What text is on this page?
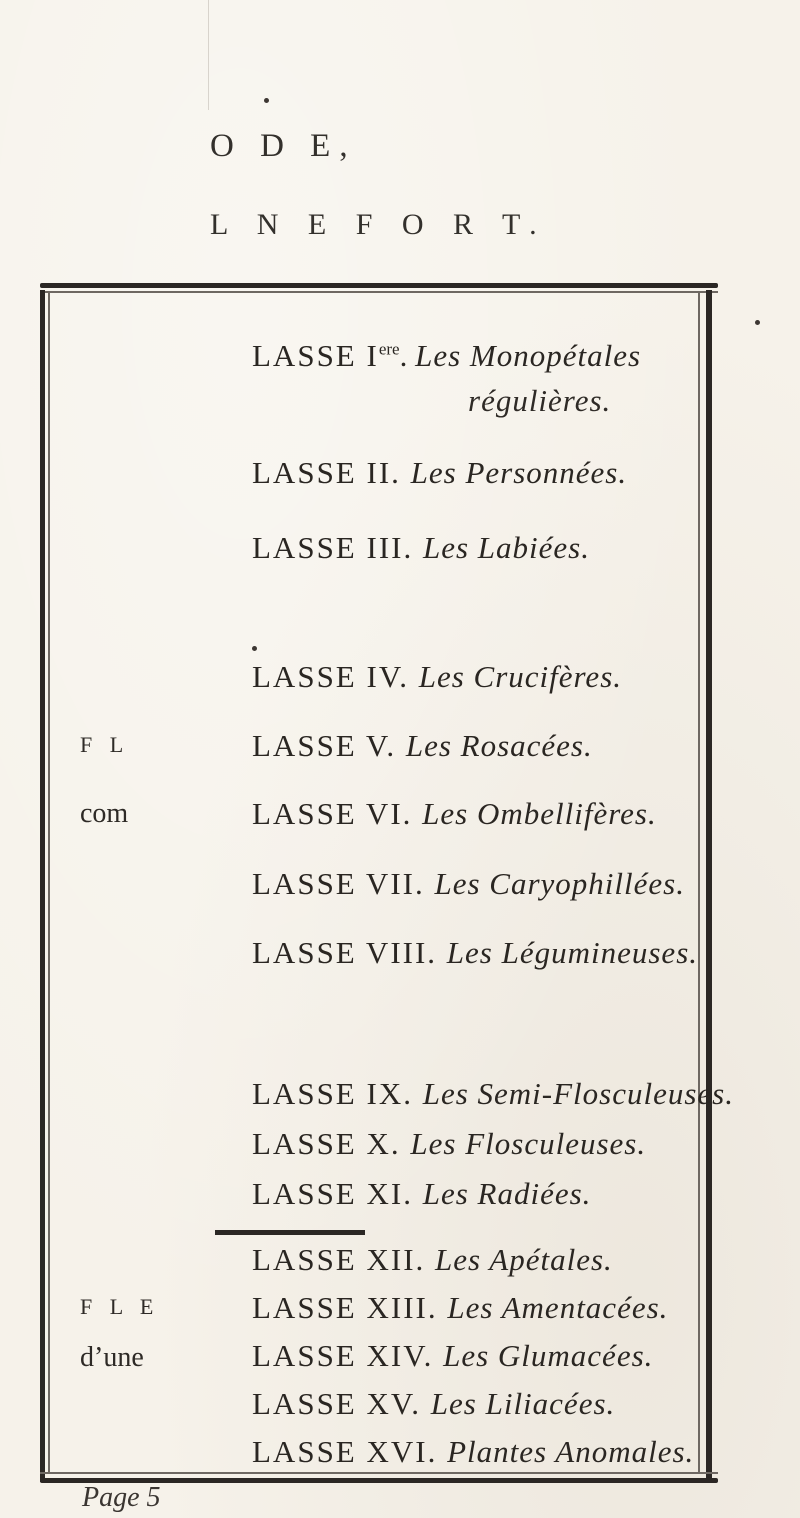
O D E,
L N E F O R T.
LASSE Iere. Les Monopétales
régulières.
LASSE II. Les Personnées.
LASSE III. Les Labiées.
LASSE IV. Les Crucifères.
LASSE V. Les Rosacées.
LASSE VI. Les Ombellifères.
LASSE VII. Les Caryophillées.
LASSE VIII. Les Légumineuses.
LASSE IX. Les Semi-Flosculeuses.
LASSE X. Les Flosculeuses.
LASSE XI. Les Radiées.
LASSE XII. Les Apétales.
LASSE XIII. Les Amentacées.
LASSE XIV. Les Glumacées.
F L
com
F L E
d’une
LASSE XV. Les Liliacées.
LASSE XVI. Plantes Anomales.
Page 5
